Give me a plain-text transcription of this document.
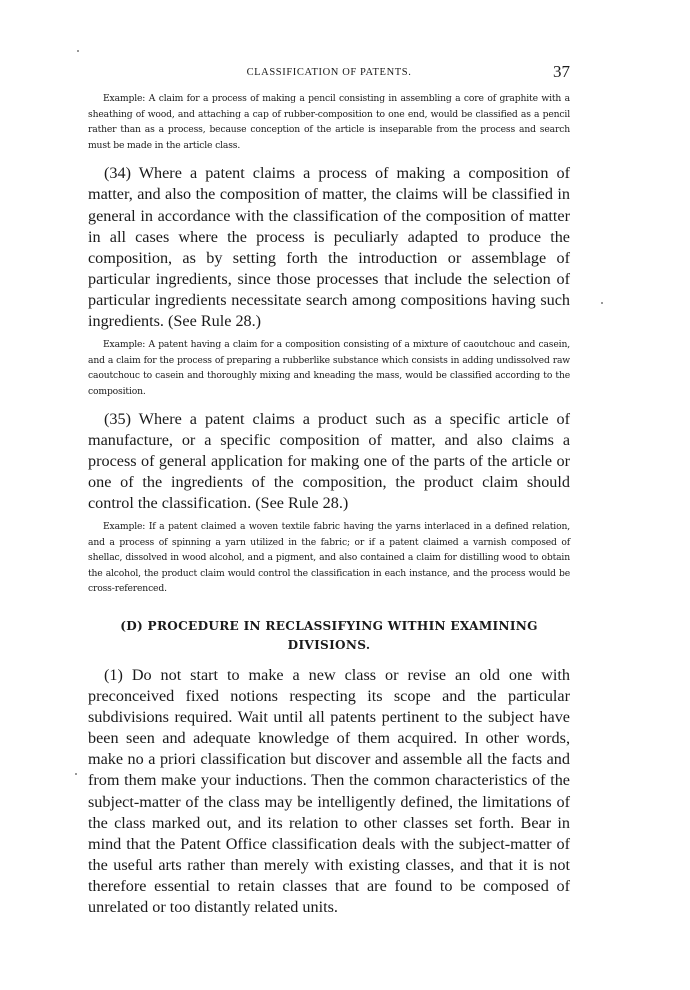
CLASSIFICATION OF PATENTS.	37

Example: A claim for a process of making a pencil consisting in assembling a core of graphite with a sheathing of wood, and attaching a cap of rubber-composition to one end, would be classified as a pencil rather than as a process, because conception of the article is inseparable from the process and search must be made in the article class.

(34) Where a patent claims a process of making a composition of matter, and also the composition of matter, the claims will be classified in general in accordance with the classification of the composition of matter in all cases where the process is peculiarly adapted to produce the composition, as by setting forth the introduction or assemblage of particular ingredients, since those processes that include the selection of particular ingredients necessitate search among compositions having such ingredients. (See Rule 28.)

Example: A patent having a claim for a composition consisting of a mixture of caoutchouc and casein, and a claim for the process of preparing a rubberlike substance which consists in adding undissolved raw caoutchouc to casein and thoroughly mixing and kneading the mass, would be classified according to the composition.

(35) Where a patent claims a product such as a specific article of manufacture, or a specific composition of matter, and also claims a process of general application for making one of the parts of the article or one of the ingredients of the composition, the product claim should control the classification. (See Rule 28.)

Example: If a patent claimed a woven textile fabric having the yarns interlaced in a defined relation, and a process of spinning a yarn utilized in the fabric; or if a patent claimed a varnish composed of shellac, dissolved in wood alcohol, and a pigment, and also contained a claim for distilling wood to obtain the alcohol, the product claim would control the classification in each instance, and the process would be cross-referenced.

(D) PROCEDURE IN RECLASSIFYING WITHIN EXAMINING
DIVISIONS.

(1) Do not start to make a new class or revise an old one with preconceived fixed notions respecting its scope and the particular subdivisions required. Wait until all patents pertinent to the subject have been seen and adequate knowledge of them acquired. In other words, make no a priori classification but discover and assemble all the facts and from them make your inductions. Then the common characteristics of the subject-matter of the class may be intelligently defined, the limitations of the class marked out, and its relation to other classes set forth. Bear in mind that the Patent Office classification deals with the subject-matter of the useful arts rather than merely with existing classes, and that it is not therefore essential to retain classes that are found to be composed of unrelated or too distantly related units.
